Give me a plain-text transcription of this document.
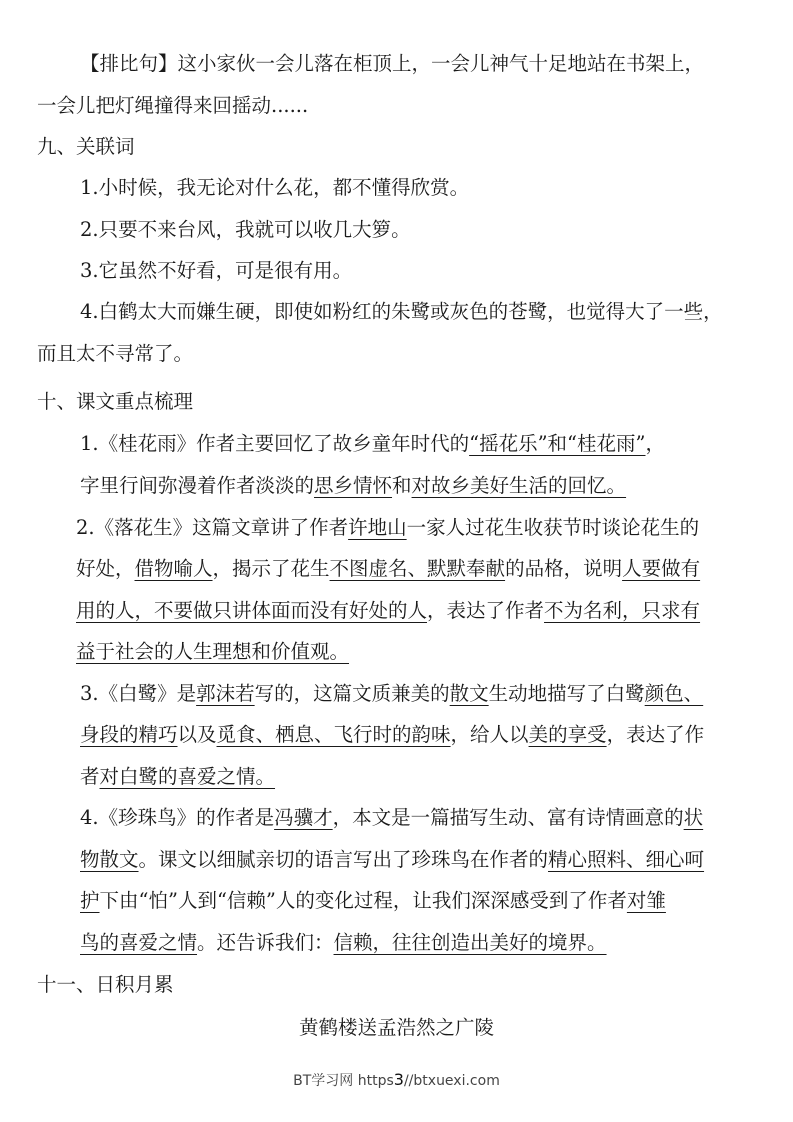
【排比句】这小家伙一会儿落在柜顶上，一会儿神气十足地站在书架上，
一会儿把灯绳撞得来回摇动......
九、关联词
1.小时候，我无论对什么花，都不懂得欣赏。
2.只要不来台风，我就可以收几大箩。
3.它虽然不好看，可是很有用。
4.白鹤太大而嫌生硬，即使如粉红的朱鹭或灰色的苍鹭，也觉得大了一些，
而且太不寻常了。
十、课文重点梳理
1.《桂花雨》作者主要回忆了故乡童年时代的“摇花乐”和“桂花雨”，
字里行间弥漫着作者淡淡的思乡情怀和对故乡美好生活的回忆。
2.《落花生》这篇文章讲了作者许地山一家人过花生收获节时谈论花生的
好处，借物喻人，揭示了花生不图虚名、默默奉献的品格，说明人要做有
用的人，不要做只讲体面而没有好处的人，表达了作者不为名利，只求有
益于社会的人生理想和价值观。
3.《白鹭》是郭沫若写的，这篇文质兼美的散文生动地描写了白鹭颜色、
身段的精巧以及觅食、栖息、飞行时的韵味，给人以美的享受，表达了作
者对白鹭的喜爱之情。
4.《珍珠鸟》的作者是冯骥才，本文是一篇描写生动、富有诗情画意的状
物散文。课文以细腻亲切的语言写出了珍珠鸟在作者的精心照料、细心呵
护下由“怕”人到“信赖”人的变化过程，让我们深深感受到了作者对雏
鸟的喜爱之情。还告诉我们：信赖，往往创造出美好的境界。
十一、日积月累
黄鹤楼送孟浩然之广陵
BT学习网 https3//btxuexi.com
